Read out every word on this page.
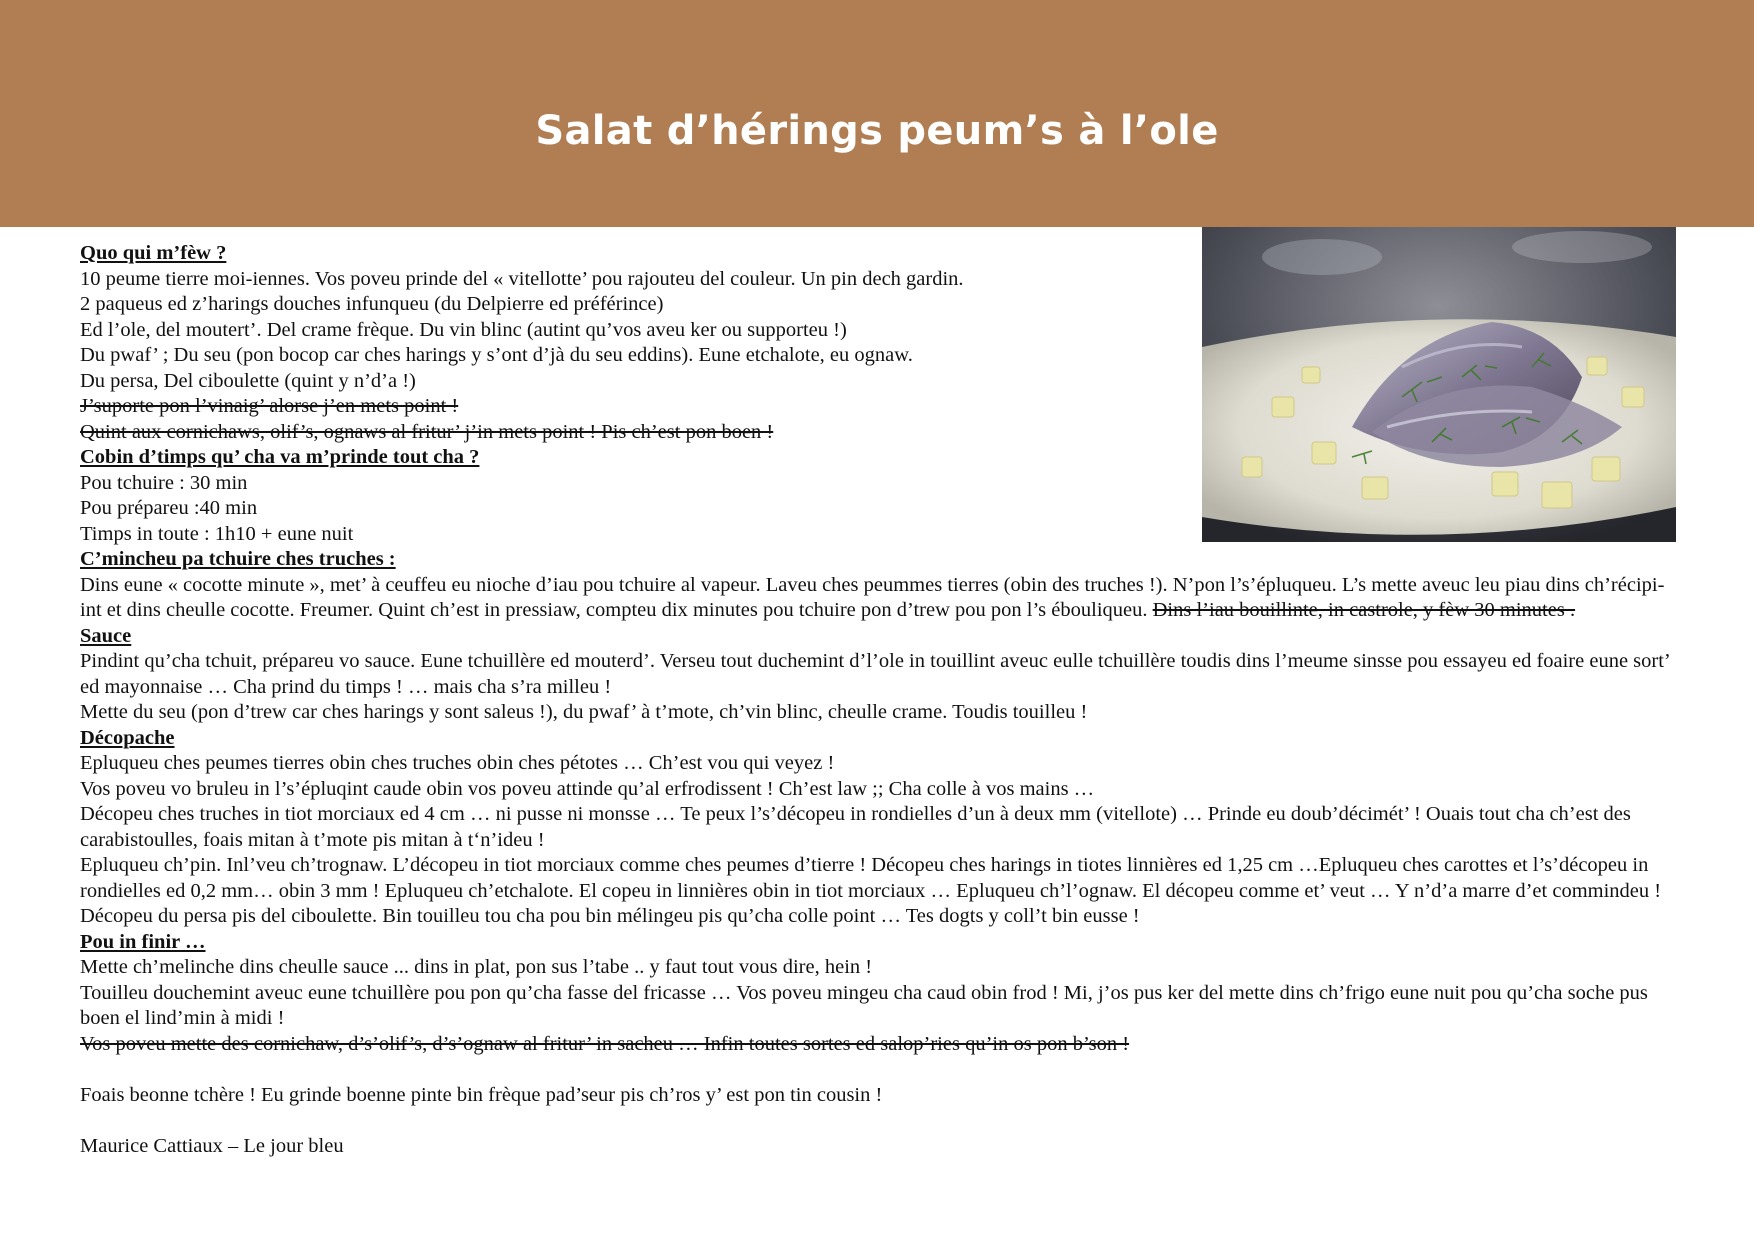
Salat d’hérings peum’s à l’ole

Quo qui m’fèw ?

10 peume tierre moi-iennes. Vos poveu prinde del « vitellotte’ pou rajouteu del couleur. Un pin dech gardin.

2 paqueus ed z’harings douches infunqueu (du Delpierre ed préférince)

Ed l’ole, del moutert’. Del crame frèque. Du vin blinc (autint qu’vos aveu ker ou supporteu !)

Du pwaf’ ; Du seu (pon bocop car ches harings y s’ont d’jà du seu eddins). Eune etchalote, eu ognaw.

Du persa, Del ciboulette (quint y n’d’a !)

J’suporte pon l’vinaig’ alorse j’en mets point !

Quint aux cornichaws, olif’s, ognaws al fritur’ j’in mets point ! Pis ch’est pon boen !

Cobin d’timps qu’ cha va m’prinde tout cha ?

Pou tchuire : 30 min

Pou prépareu :40 min

Timps in toute : 1h10 + eune nuit

C’mincheu pa tchuire ches truches :

Dins eune « cocotte minute », met’ à ceuffeu eu nioche d’iau pou tchuire al vapeur. Laveu ches peummes tierres (obin des truches !). N’pon l’s’épluqueu. L’s mette aveuc leu piau dins ch’récipi-int et dins cheulle cocotte. Freumer. Quint ch’est in pressiaw, compteu dix minutes pou tchuire pon d’trew pou pon l’s ébouliqueu. Dins l’iau bouillinte, in castrole, y fèw 30 minutes .

Sauce

Pindint qu’cha tchuit, prépareu vo sauce. Eune tchuillère ed mouterd’. Verseu tout duchemint d’l’ole in touillint aveuc eulle tchuillère toudis dins l’meume sinsse pou essayeu ed foaire eune sort’ ed mayonnaise … Cha prind du timps ! … mais cha s’ra milleu !

Mette du seu (pon d’trew car ches harings y sont saleus !), du pwaf’ à t’mote, ch’vin blinc, cheulle crame. Toudis touilleu !

Décopache

Epluqueu ches peumes tierres obin ches truches obin ches pétotes … Ch’est vou qui veyez !

Vos poveu vo bruleu in l’s’épluqint caude obin vos poveu attinde qu’al erfrodissent ! Ch’est law ;; Cha colle à vos mains …

Décopeu ches truches in tiot morciaux ed 4 cm … ni pusse ni monsse … Te peux l’s’décopeu in rondielles d’un à deux mm (vitellote) … Prinde eu doub’décimét’ ! Ouais tout cha ch’est des carabistoulles, foais mitan à t’mote pis mitan à t‘n’ideu !

Epluqueu ch’pin. Inl’veu ch’trognaw. L’décopeu in tiot morciaux comme ches peumes d’tierre ! Décopeu ches harings in tiotes linnières ed 1,25 cm …Epluqueu ches carottes et l’s’décopeu in rondielles ed 0,2 mm… obin 3 mm ! Epluqueu ch’etchalote. El copeu in linnières obin in tiot morciaux … Epluqueu ch’l’ognaw. El décopeu comme et’ veut … Y n’d’a marre d’et commindeu !

Décopeu du persa pis del ciboulette. Bin touilleu tou cha pou bin mélingeu pis qu’cha colle point … Tes dogts y coll’t bin eusse !

Pou in finir …

Mette ch’melinche dins cheulle sauce ... dins in plat, pon sus l’tabe .. y faut tout vous dire, hein !

Touilleu douchemint aveuc eune tchuillère pou pon qu’cha fasse del fricasse … Vos poveu mingeu cha caud obin frod ! Mi, j’os pus ker del mette dins ch’frigo eune nuit pou qu’cha soche pus boen el lind’min à midi !

Vos poveu mette des cornichaw, d’s’olif’s, d’s’ognaw al fritur’ in sacheu … Infin toutes sortes ed salop’ries qu’in os pon b’son !

Foais beonne tchère ! Eu grinde boenne pinte bin frèque pad’seur pis ch’ros y’ est pon tin cousin !

Maurice Cattiaux – Le jour bleu
